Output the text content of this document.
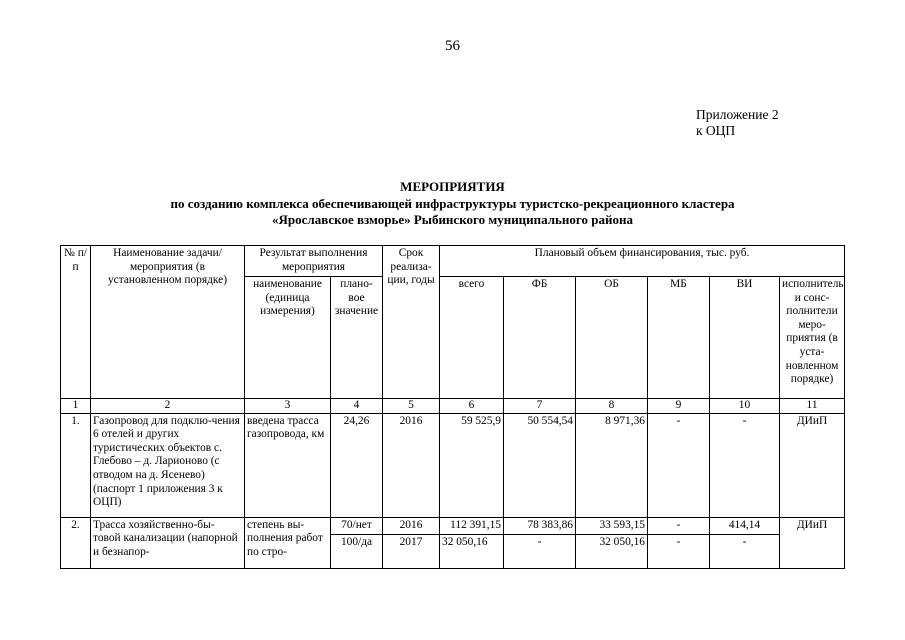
56
Приложение 2
к ОЦП
МЕРОПРИЯТИЯ
по созданию комплекса обеспечивающей инфраструктуры туристско-рекреационного кластера
«Ярославское взморье» Рыбинского муниципального района
№ п/п	Наименование задачи/ мероприятия (в установленном порядке)	Результат выполнения мероприятия		Срок реализа-ции, годы	Плановый объем финансирования, тыс. руб.					
		наименование (единица измерения)	плано-вое значение		всего	ФБ	ОБ	МБ	ВИ	исполнитель и сонс-полнители меро-приятия (в уста-новленном порядке)
1	2	3	4	5	6	7	8	9	10	11
1.	Газопровод для подклю-чения 6 отелей и других туристических объектов с. Глебово – д. Ларионово (с отводом на д. Ясенево) (паспорт 1 приложения 3 к ОЦП)	введена трасса газопровода, км	24,26	2016	59 525,9	50 554,54	8 971,36	-	-	ДИиП
2.	Трасса хозяйственно-бы-товой канализации (напорной и безнапор-	степень вы-полнения работ по стро-	70/нет	2016	112 391,15	78 383,86	33 593,15	-	414,14	ДИиП
			100/да	2017	32 050,16	-	32 050,16	-	-	
